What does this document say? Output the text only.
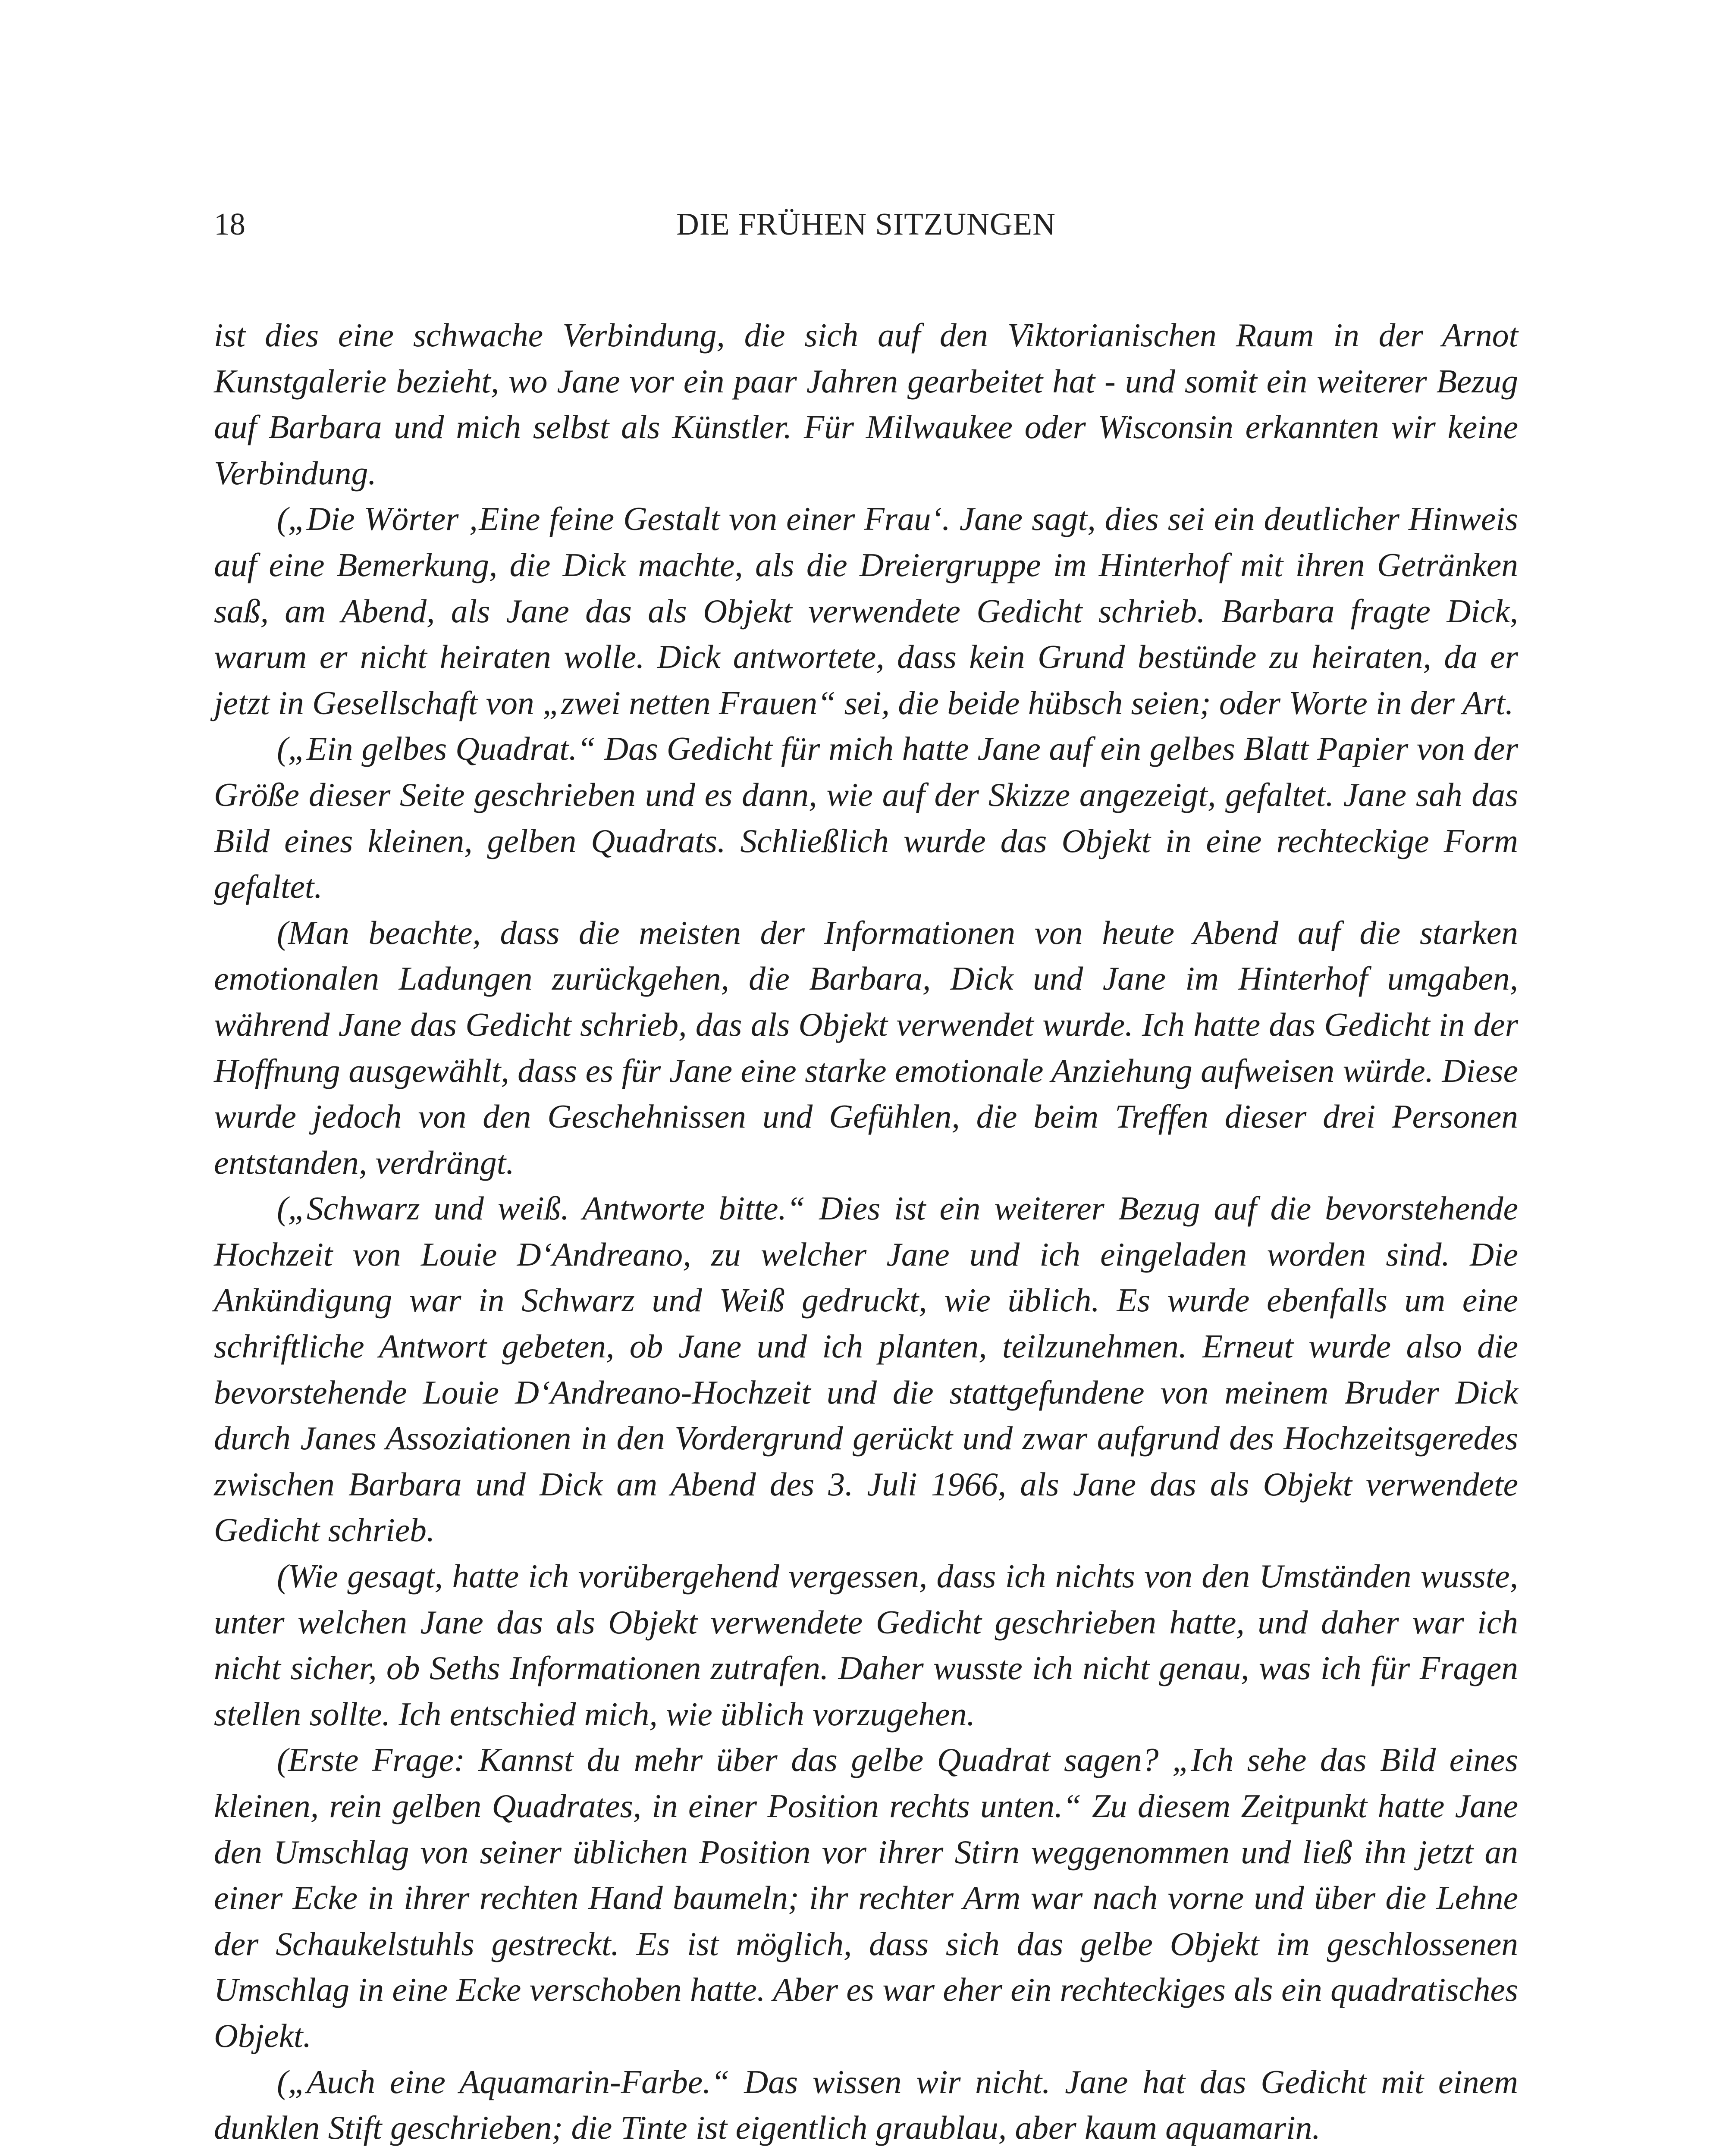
18	DIE FRÜHEN SITZUNGEN

ist dies eine schwache Verbindung, die sich auf den Viktorianischen Raum in der Arnot Kunstgalerie bezieht, wo Jane vor ein paar Jahren gearbeitet hat - und somit ein weiterer Bezug auf Barbara und mich selbst als Künstler. Für Milwaukee oder Wisconsin erkannten wir keine Verbindung.

(„Die Wörter ‚Eine feine Gestalt von einer Frau‘. Jane sagt, dies sei ein deutlicher Hinweis auf eine Bemerkung, die Dick machte, als die Dreiergruppe im Hinterhof mit ihren Getränken saß, am Abend, als Jane das als Objekt verwendete Gedicht schrieb. Barbara fragte Dick, warum er nicht heiraten wolle. Dick antwortete, dass kein Grund bestünde zu heiraten, da er jetzt in Gesellschaft von „zwei netten Frauen“ sei, die beide hübsch seien; oder Worte in der Art.

(„Ein gelbes Quadrat.“ Das Gedicht für mich hatte Jane auf ein gelbes Blatt Papier von der Größe dieser Seite geschrieben und es dann, wie auf der Skizze angezeigt, gefaltet. Jane sah das Bild eines kleinen, gelben Quadrats. Schließlich wurde das Objekt in eine rechteckige Form gefaltet.

(Man beachte, dass die meisten der Informationen von heute Abend auf die starken emotionalen Ladungen zurückgehen, die Barbara, Dick und Jane im Hinterhof umgaben, während Jane das Gedicht schrieb, das als Objekt verwendet wurde. Ich hatte das Gedicht in der Hoffnung ausgewählt, dass es für Jane eine starke emotionale Anziehung aufweisen würde. Diese wurde jedoch von den Geschehnissen und Gefühlen, die beim Treffen dieser drei Personen entstanden, verdrängt.

(„Schwarz und weiß. Antworte bitte.“ Dies ist ein weiterer Bezug auf die bevorstehende Hochzeit von Louie D‘Andreano, zu welcher Jane und ich eingeladen worden sind. Die Ankündigung war in Schwarz und Weiß gedruckt, wie üblich. Es wurde ebenfalls um eine schriftliche Antwort gebeten, ob Jane und ich planten, teilzunehmen. Erneut wurde also die bevorstehende Louie D‘Andreano-Hochzeit und die stattgefundene von meinem Bruder Dick durch Janes Assoziationen in den Vordergrund gerückt und zwar aufgrund des Hochzeitsgeredes zwischen Barbara und Dick am Abend des 3. Juli 1966, als Jane das als Objekt verwendete Gedicht schrieb.

(Wie gesagt, hatte ich vorübergehend vergessen, dass ich nichts von den Umständen wusste, unter welchen Jane das als Objekt verwendete Gedicht geschrieben hatte, und daher war ich nicht sicher, ob Seths Informationen zutrafen. Daher wusste ich nicht genau, was ich für Fragen stellen sollte. Ich entschied mich, wie üblich vorzugehen.

(Erste Frage: Kannst du mehr über das gelbe Quadrat sagen? „Ich sehe das Bild eines kleinen, rein gelben Quadrates, in einer Position rechts unten.“ Zu diesem Zeitpunkt hatte Jane den Umschlag von seiner üblichen Position vor ihrer Stirn weggenommen und ließ ihn jetzt an einer Ecke in ihrer rechten Hand baumeln; ihr rechter Arm war nach vorne und über die Lehne der Schaukelstuhls gestreckt. Es ist möglich, dass sich das gelbe Objekt im geschlossenen Umschlag in eine Ecke verschoben hatte. Aber es war eher ein rechteckiges als ein quadratisches Objekt.

(„Auch eine Aquamarin-Farbe.“ Das wissen wir nicht. Jane hat das Gedicht mit einem dunklen Stift geschrieben; die Tinte ist eigentlich graublau, aber kaum aquamarin.
